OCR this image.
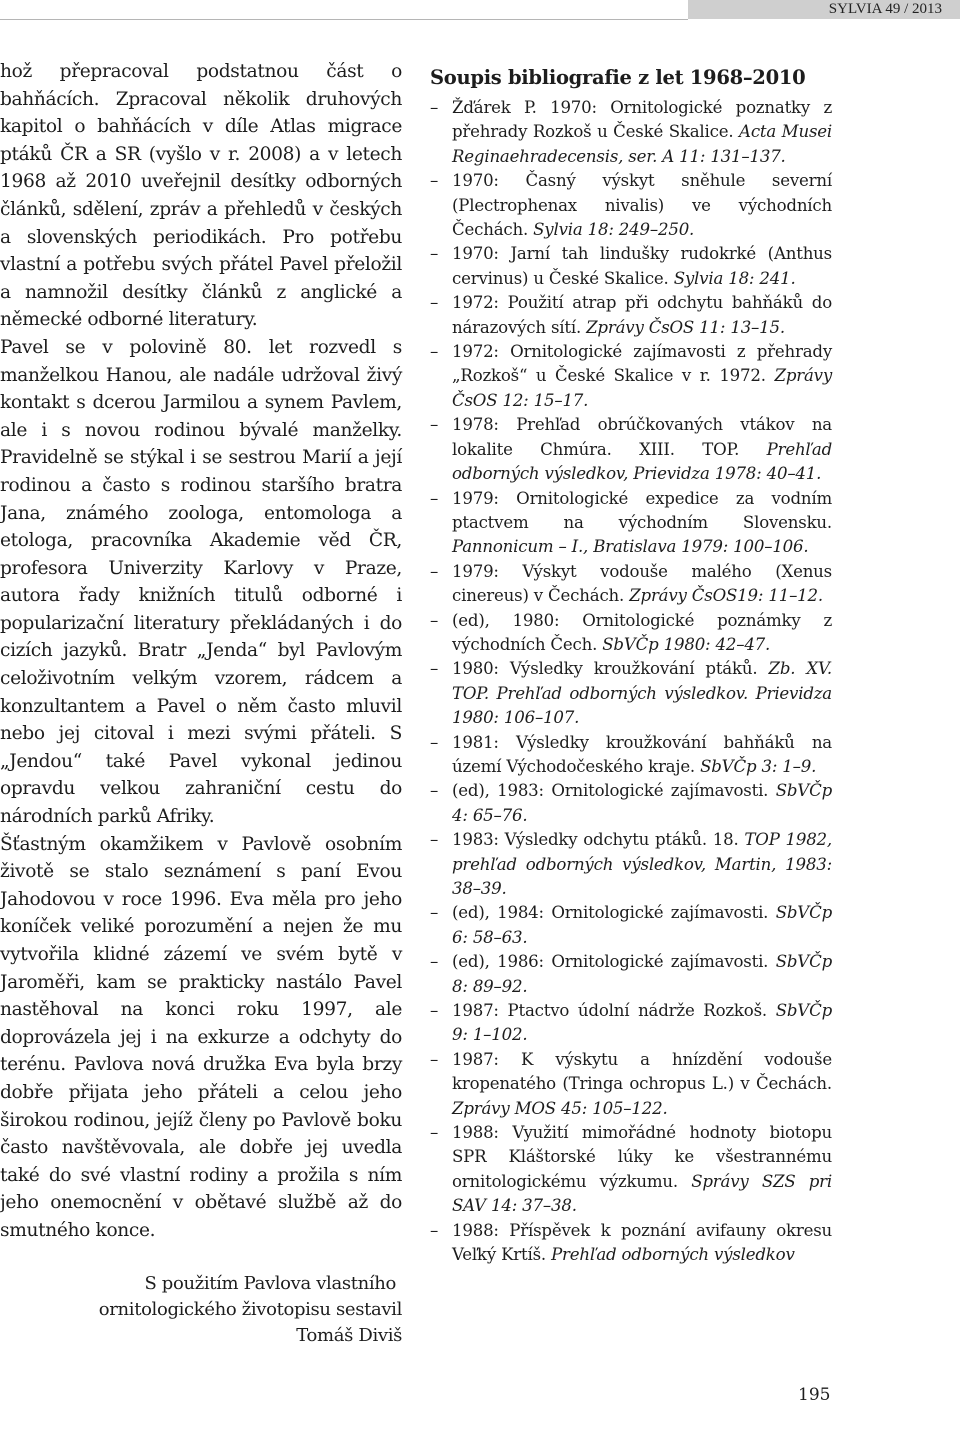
SYLVIA 49 / 2013

hož přepracoval podstatnou část o bahňácích. Zpracoval několik druhových kapitol o bahňácích v díle Atlas migrace ptáků ČR a SR (vyšlo v r. 2008) a v letech 1968 až 2010 uveřejnil desítky odborných článků, sdělení, zpráv a přehledů v českých a slovenských periodikách. Pro potřebu vlastní a potřebu svých přátel Pavel přeložil a namnožil desítky článků z anglické a německé odborné literatury.

Pavel se v polovině 80. let rozvedl s manželkou Hanou, ale nadále udržoval živý kontakt s dcerou Jarmilou a synem Pavlem, ale i s novou rodinou bývalé manželky. Pravidelně se stýkal i se sestrou Marií a její rodinou a často s rodinou staršího bratra Jana, známého zoologa, entomologa a etologa, pracovníka Akademie věd ČR, profesora Univerzity Karlovy v Praze, autora řady knižních titulů odborné i popularizační literatury překládaných i do cizích jazyků. Bratr „Jenda“ byl Pavlovým celoživotním velkým vzorem, rádcem a konzultantem a Pavel o něm často mluvil nebo jej citoval i mezi svými přáteli. S „Jendou“ také Pavel vykonal jedinou opravdu velkou zahraniční cestu do národních parků Afriky.

Šťastným okamžikem v Pavlově osobním životě se stalo seznámení s paní Evou Jahodovou v roce 1996. Eva měla pro jeho koníček veliké porozumění a nejen že mu vytvořila klidné zázemí ve svém bytě v Jaroměři, kam se prakticky nastálo Pavel nastěhoval na konci roku 1997, ale doprovázela jej i na exkurze a odchyty do terénu. Pavlova nová družka Eva byla brzy dobře přijata jeho přáteli a celou jeho širokou rodinou, jejíž členy po Pavlově boku často navštěvovala, ale dobře jej uvedla také do své vlastní rodiny a prožila s ním jeho onemocnění v obětavé službě až do smutného konce.

S použitím Pavlova vlastního
ornitologického životopisu sestavil
Tomáš Diviš
Soupis bibliografie z let 1968–2010
– Žďárek P. 1970: Ornitologické poznatky z přehrady Rozkoš u České Skalice. Acta Musei Reginaehradecensis, ser. A 11: 131–137.
– 1970: Časný výskyt sněhule severní (Plectrophenax nivalis) ve východních Čechách. Sylvia 18: 249–250.
– 1970: Jarní tah lindušky rudokrké (Anthus cervinus) u České Skalice. Sylvia 18: 241.
– 1972: Použití atrap při odchytu bahňáků do nárazových sítí. Zprávy ČsOS 11: 13–15.
– 1972: Ornitologické zajímavosti z přehrady „Rozkoš“ u České Skalice v r. 1972. Zprávy ČsOS 12: 15–17.
– 1978: Prehľad obrúčkovaných vtákov na lokalite Chmúra. XIII. TOP. Prehľad odborných výsledkov, Prievidza 1978: 40–41.
– 1979: Ornitologické expedice za vodním ptactvem na východním Slovensku. Pannonicum – I., Bratislava 1979: 100–106.
– 1979: Výskyt vodouše malého (Xenus cinereus) v Čechách. Zprávy ČsOS19: 11–12.
– (ed), 1980: Ornitologické poznámky z východních Čech. SbVČp 1980: 42–47.
– 1980: Výsledky kroužkování ptáků. Zb. XV. TOP. Prehľad odborných výsledkov. Prievidza 1980: 106–107.
– 1981: Výsledky kroužkování bahňáků na území Východočeského kraje. SbVČp 3: 1–9.
– (ed), 1983: Ornitologické zajímavosti. SbVČp 4: 65–76.
– 1983: Výsledky odchytu ptáků. 18. TOP 1982, prehľad odborných výsledkov, Martin, 1983: 38–39.
– (ed), 1984: Ornitologické zajímavosti. SbVČp 6: 58–63.
– (ed), 1986: Ornitologické zajímavosti. SbVČp 8: 89–92.
– 1987: Ptactvo údolní nádrže Rozkoš. SbVČp 9: 1–102.
– 1987: K výskytu a hnízdění vodouše kropenatého (Tringa ochropus L.) v Čechách. Zprávy MOS 45: 105–122.
– 1988: Využití mimořádné hodnoty biotopu SPR Kláštorské lúky ke všestrannému ornitologickému výzkumu. Správy SZS pri SAV 14: 37–38.
– 1988: Příspěvek k poznání avifauny okresu Veľký Krtíš. Prehľad odborných výsledkov
195
